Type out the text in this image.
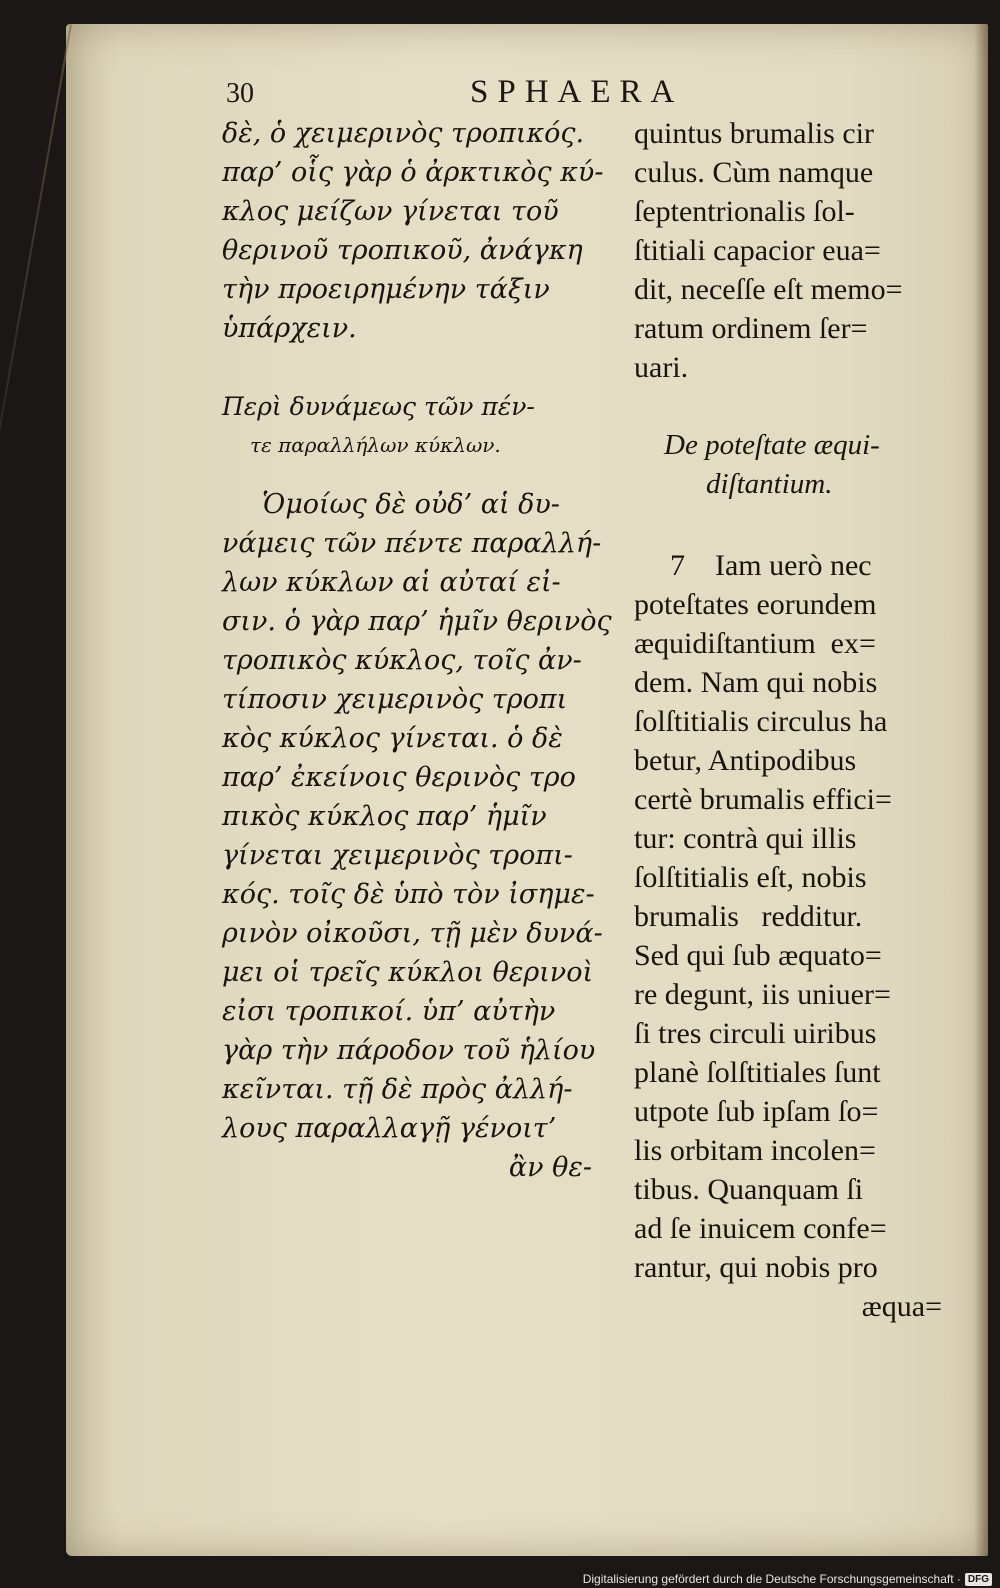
30	SPHAERA
δὲ, ὁ χειμερινὸς τροπικός.
παρ’ οἷς γὰρ ὁ ἀρκτικὸς κύ-
κλος μείζων γίνεται τοῦ
θερινοῦ τροπικοῦ, ἀνάγκη
τὴν προειρημένην τάξιν
ὑπάρχειν.
Περὶ δυνάμεως τῶν πέν-
τε παραλλήλων κύκλων.
Ὁμοίως δὲ οὐδ’ αἱ δυ-
νάμεις τῶν πέντε παραλλή-
λων κύκλων αἱ αὐταί εἰ-
σιν. ὁ γὰρ παρ’ ἡμῖν θερινὸς
τροπικὸς κύκλος, τοῖς ἀν-
τίποσιν χειμερινὸς τροπι
κὸς κύκλος γίνεται. ὁ δὲ
παρ’ ἐκείνοις θερινὸς τρο
πικὸς κύκλος παρ’ ἡμῖν
γίνεται χειμερινὸς τροπι-
κός. τοῖς δὲ ὑπὸ τὸν ἰσημε-
ρινὸν οἰκοῦσι, τῇ μὲν δυνά-
μει οἱ τρεῖς κύκλοι θερινοὶ
εἰσι τροπικοί. ὑπ’ αὐτὴν
γὰρ τὴν πάροδον τοῦ ἡλίου
κεῖνται. τῇ δὲ πρὸς ἀλλή-
λους παραλλαγῇ γένοιτ’
ἂν θε-
quintus brumalis cir
culus. Cùm namque
ſeptentrionalis ſol-
ſtitiali capacior eua=
dit, neceſſe eſt memo=
ratum ordinem ſer=
uari.
De poteſtate æqui-
diſtantium.
7    Iam uerò nec
poteſtates eorundem
æquidiſtantium  ex=
dem. Nam qui nobis
ſolſtitialis circulus ha
betur, Antipodibus
certè brumalis effici=
tur: contrà qui illis
ſolſtitialis eſt, nobis
brumalis   redditur.
Sed qui ſub æquato=
re degunt, iis uniuer=
ſi tres circuli uiribus
planè ſolſtitiales ſunt
utpote ſub ipſam ſo=
lis orbitam incolen=
tibus. Quanquam ſi
ad ſe inuicem confe=
rantur, qui nobis pro
æqua=
Digitalisierung gefördert durch die Deutsche Forschungsgemeinschaft · DFG
